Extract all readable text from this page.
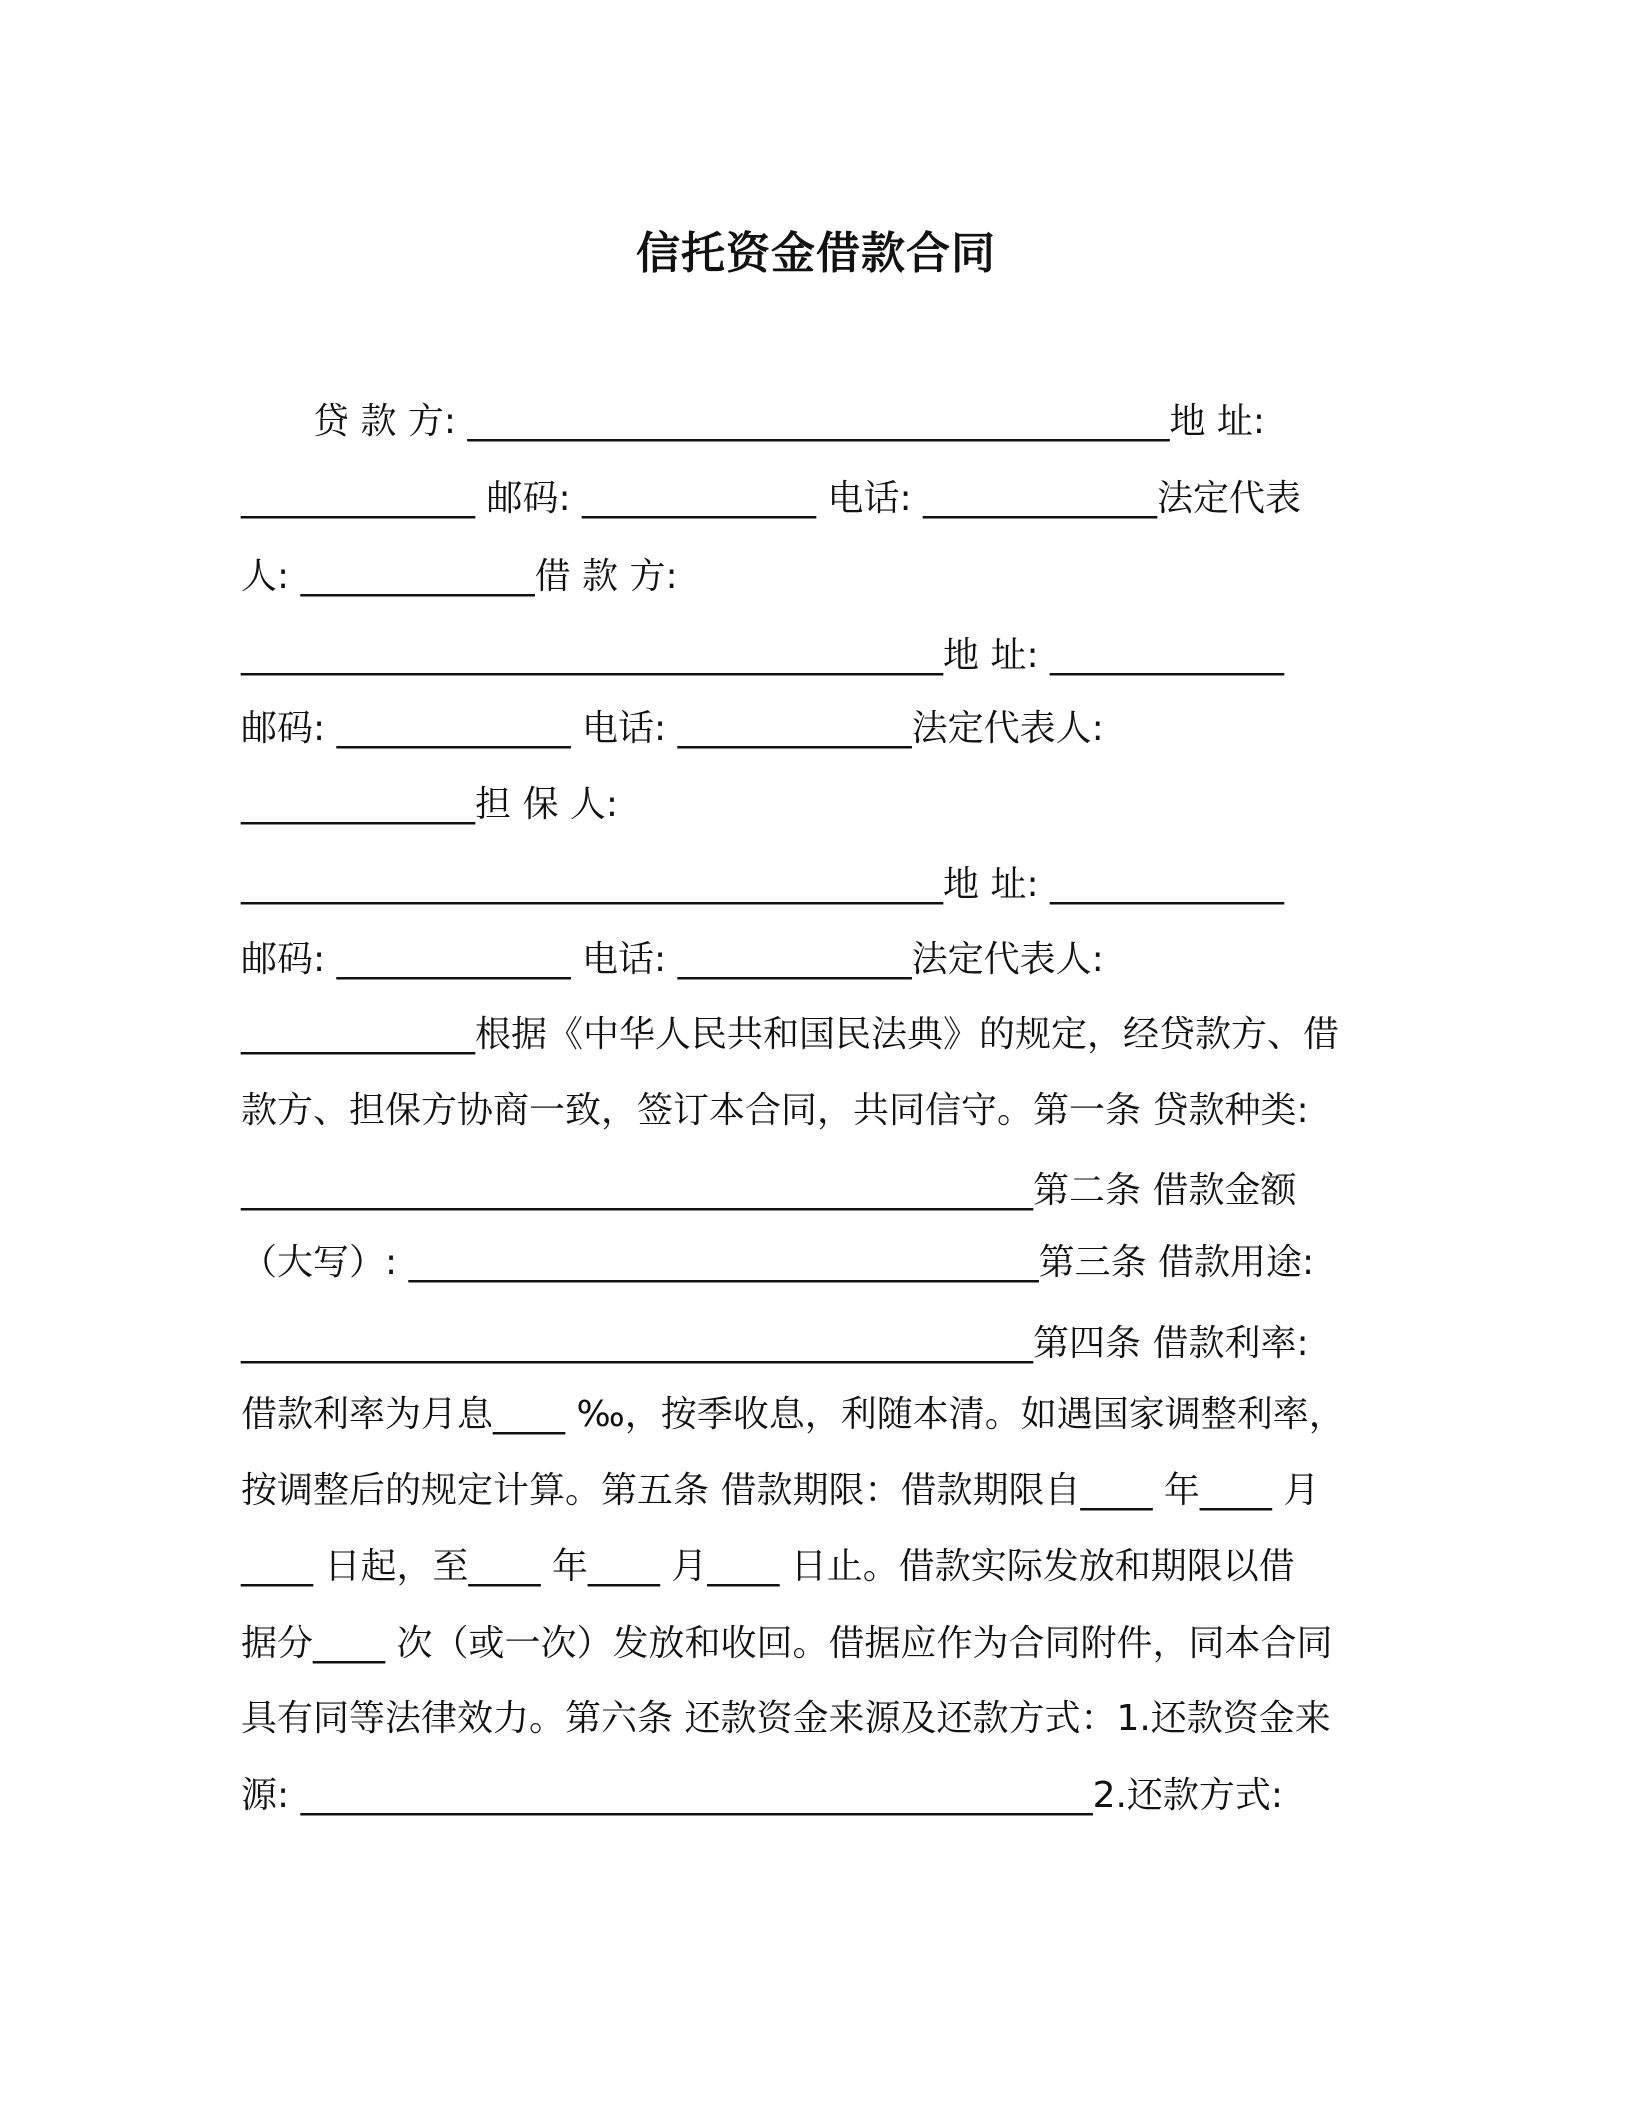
信托资金借款合同
　　贷 款 方: _______________________________________地 址:
_____________ 邮码: _____________ 电话: _____________法定代表
人: _____________借 款 方:
_______________________________________地 址: _____________
邮码: _____________ 电话: _____________法定代表人:
_____________担 保 人:
_______________________________________地 址: _____________
邮码: _____________ 电话: _____________法定代表人:
_____________根据《中华人民共和国民法典》的规定，经贷款方、借
款方、担保方协商一致，签订本合同，共同信守。第一条 贷款种类:
____________________________________________第二条 借款金额
（大写）: ___________________________________第三条 借款用途:
____________________________________________第四条 借款利率:
借款利率为月息____ ‰，按季收息，利随本清。如遇国家调整利率，
按调整后的规定计算。第五条 借款期限：借款期限自____ 年____ 月
____ 日起，至____ 年____ 月____ 日止。借款实际发放和期限以借
据分____ 次（或一次）发放和收回。借据应作为合同附件，同本合同
具有同等法律效力。第六条 还款资金来源及还款方式：1.还款资金来
源: ____________________________________________2.还款方式:
